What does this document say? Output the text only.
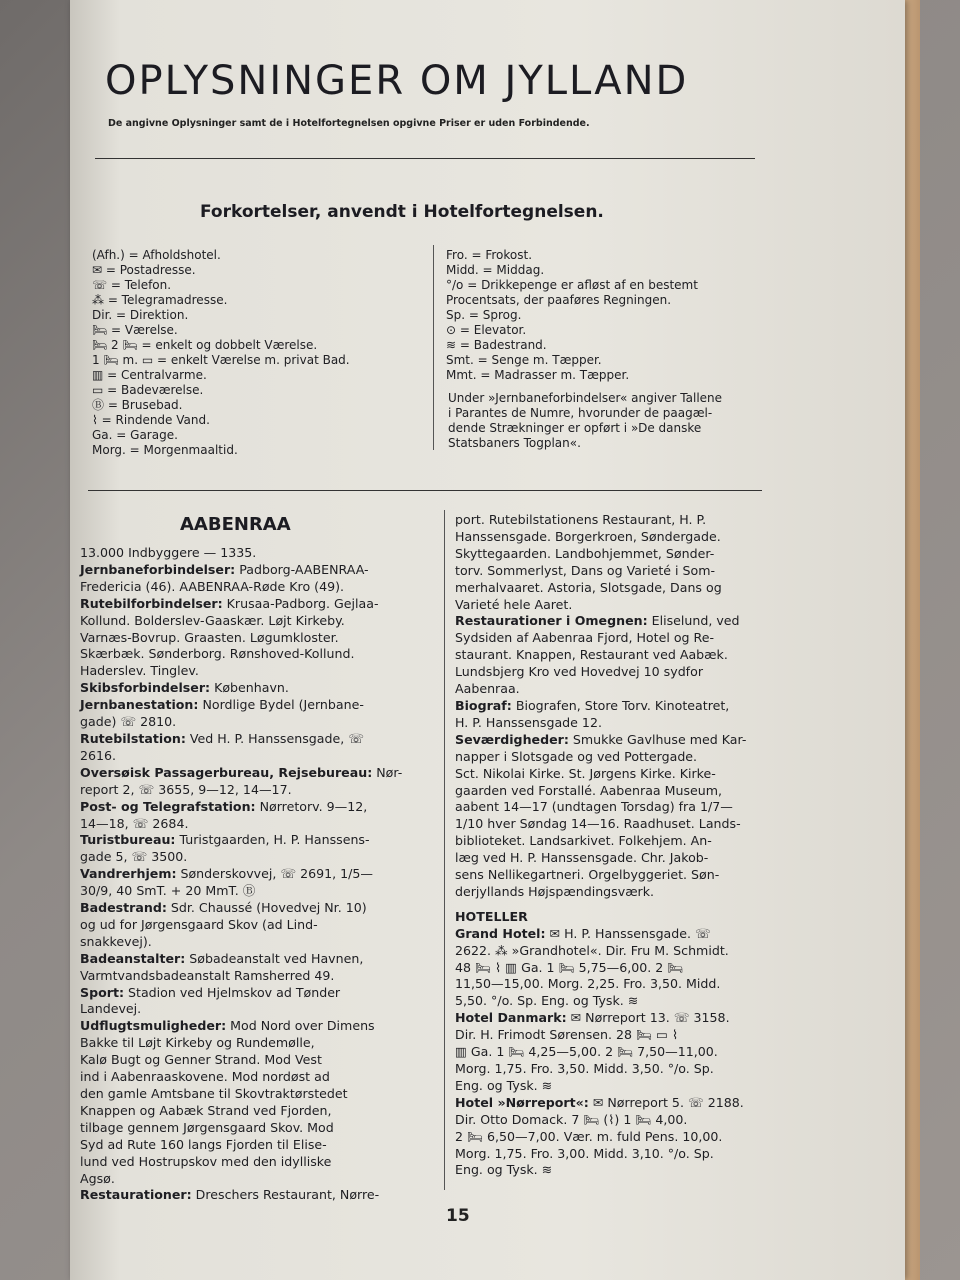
OPLYSNINGER OM JYLLAND
De angivne Oplysninger samt de i Hotelfortegnelsen opgivne Priser er uden Forbindende.
Forkortelser, anvendt i Hotelfortegnelsen.
(Afh.) = Afholdshotel.
✉ = Postadresse.
☏ = Telefon.
⁂ = Telegramadresse.
Dir. = Direktion.
🛏 = Værelse.
🛏 2 🛏 = enkelt og dobbelt Værelse.
1 🛏 m. ▭ = enkelt Værelse m. privat Bad.
▥ = Centralvarme.
▭ = Badeværelse.
Ⓑ = Brusebad.
⌇ = Rindende Vand.
Ga. = Garage.
Morg. = Morgenmaaltid.
Fro. = Frokost.
Midd. = Middag.
°/o = Drikkepenge er afløst af en bestemt
Procentsats, der paaføres Regningen.
Sp. = Sprog.
⊙ = Elevator.
≋ = Badestrand.
Smt. = Senge m. Tæpper.
Mmt. = Madrasser m. Tæpper.
Under »Jernbaneforbindelser« angiver Tallene
i Parantes de Numre, hvorunder de paagæl-
dende Strækninger er opført i »De danske
Statsbaners Togplan«.
AABENRAA
13.000 Indbyggere — 1335.
Jernbaneforbindelser: Padborg-AABENRAA-
Fredericia (46). AABENRAA-Røde Kro (49).
Rutebilforbindelser: Krusaa-Padborg. Gejlaa-
Kollund. Bolderslev-Gaaskær. Løjt Kirkeby.
Varnæs-Bovrup. Graasten. Løgumkloster.
Skærbæk. Sønderborg. Rønshoved-Kollund.
Haderslev. Tinglev.
Skibsforbindelser: København.
Jernbanestation: Nordlige Bydel (Jernbane-
gade) ☏ 2810.
Rutebilstation: Ved H. P. Hanssensgade, ☏
2616.
Oversøisk Passagerbureau, Rejsebureau: Nør-
report 2, ☏ 3655, 9—12, 14—17.
Post- og Telegrafstation: Nørretorv. 9—12,
14—18, ☏ 2684.
Turistbureau: Turistgaarden, H. P. Hanssens-
gade 5, ☏ 3500.
Vandrerhjem: Sønderskovvej, ☏ 2691, 1/5—
30/9, 40 SmT. + 20 MmT. Ⓑ
Badestrand: Sdr. Chaussé (Hovedvej Nr. 10)
og ud for Jørgensgaard Skov (ad Lind-
snakkevej).
Badeanstalter: Søbadeanstalt ved Havnen,
Varmtvandsbadeanstalt Ramsherred 49.
Sport: Stadion ved Hjelmskov ad Tønder
Landevej.
Udflugtsmuligheder: Mod Nord over Dimens
Bakke til Løjt Kirkeby og Rundemølle,
Kalø Bugt og Genner Strand. Mod Vest
ind i Aabenraaskovene. Mod nordøst ad
den gamle Amtsbane til Skovtraktørstedet
Knappen og Aabæk Strand ved Fjorden,
tilbage gennem Jørgensgaard Skov. Mod
Syd ad Rute 160 langs Fjorden til Elise-
lund ved Hostrupskov med den idylliske
Agsø.
Restaurationer: Dreschers Restaurant, Nørre-
port. Rutebilstationens Restaurant, H. P.
Hanssensgade. Borgerkroen, Søndergade.
Skyttegaarden. Landbohjemmet, Sønder-
torv. Sommerlyst, Dans og Varieté i Som-
merhalvaaret. Astoria, Slotsgade, Dans og
Varieté hele Aaret.
Restaurationer i Omegnen: Eliselund, ved
Sydsiden af Aabenraa Fjord, Hotel og Re-
staurant. Knappen, Restaurant ved Aabæk.
Lundsbjerg Kro ved Hovedvej 10 sydfor
Aabenraa.
Biograf: Biografen, Store Torv. Kinoteatret,
H. P. Hanssensgade 12.
Seværdigheder: Smukke Gavlhuse med Kar-
napper i Slotsgade og ved Pottergade.
Sct. Nikolai Kirke. St. Jørgens Kirke. Kirke-
gaarden ved Forstallé. Aabenraa Museum,
aabent 14—17 (undtagen Torsdag) fra 1/7—
1/10 hver Søndag 14—16. Raadhuset. Lands-
biblioteket. Landsarkivet. Folkehjem. An-
læg ved H. P. Hanssensgade. Chr. Jakob-
sens Nellikegartneri. Orgelbyggeriet. Søn-
derjyllands Højspændingsværk.

HOTELLER
Grand Hotel: ✉ H. P. Hanssensgade. ☏
2622. ⁂ »Grandhotel«. Dir. Fru M. Schmidt.
48 🛏 ⌇ ▥ Ga. 1 🛏 5,75—6,00. 2 🛏
11,50—15,00. Morg. 2,25. Fro. 3,50. Midd.
5,50. °/o. Sp. Eng. og Tysk. ≋
Hotel Danmark: ✉ Nørreport 13. ☏ 3158.
Dir. H. Frimodt Sørensen. 28 🛏 ▭ ⌇
▥ Ga. 1 🛏 4,25—5,00. 2 🛏 7,50—11,00.
Morg. 1,75. Fro. 3,50. Midd. 3,50. °/o. Sp.
Eng. og Tysk. ≋
Hotel »Nørreport«: ✉ Nørreport 5. ☏ 2188.
Dir. Otto Domack. 7 🛏 (⌇) 1 🛏 4,00.
2 🛏 6,50—7,00. Vær. m. fuld Pens. 10,00.
Morg. 1,75. Fro. 3,00. Midd. 3,10. °/o. Sp.
Eng. og Tysk. ≋
15
